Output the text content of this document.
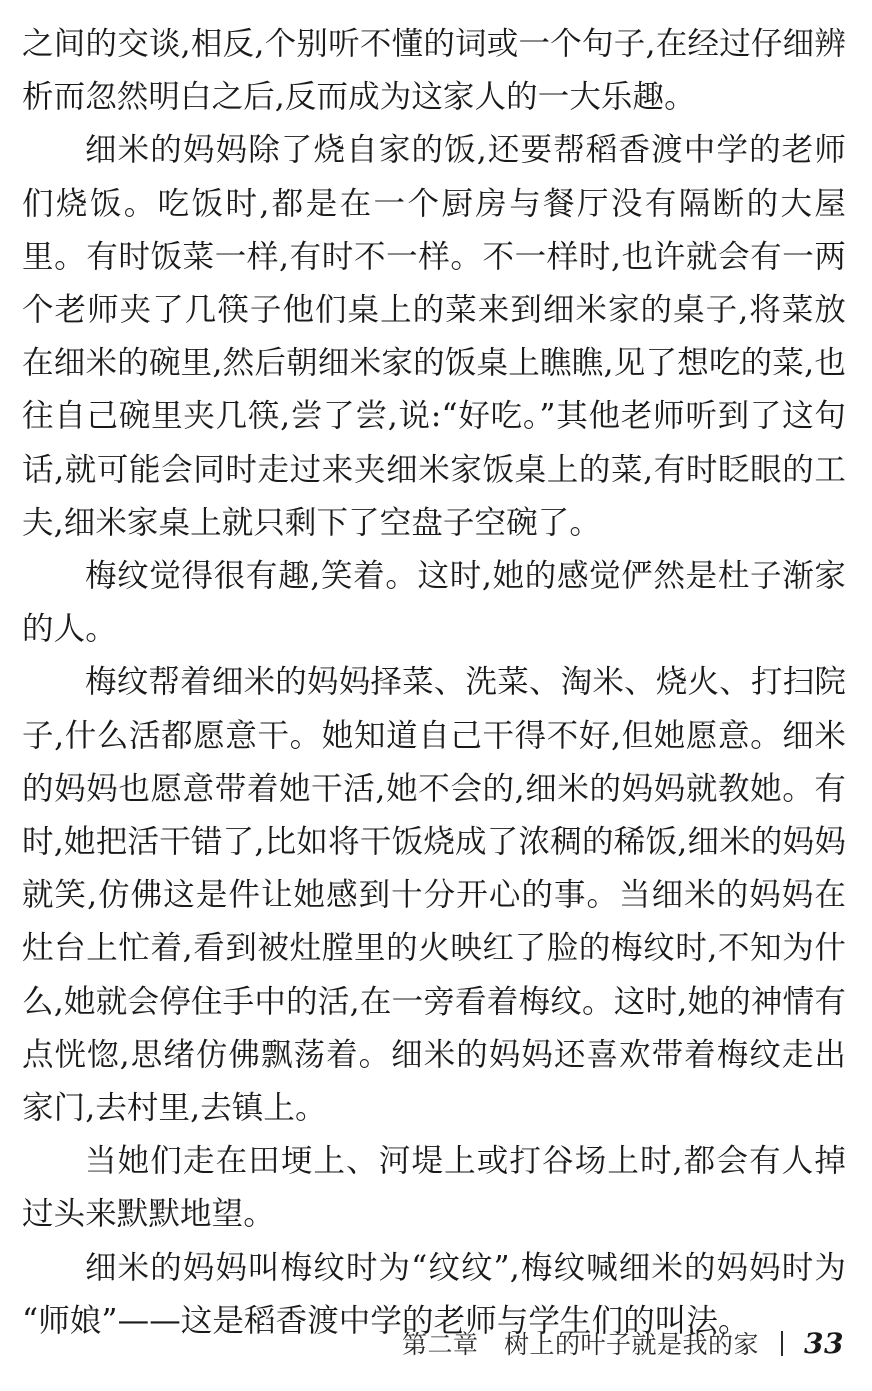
之间的交谈,相反,个别听不懂的词或一个句子,在经过仔细辨析而忽然明白之后,反而成为这家人的一大乐趣。

细米的妈妈除了烧自家的饭,还要帮稻香渡中学的老师们烧饭。吃饭时,都是在一个厨房与餐厅没有隔断的大屋里。有时饭菜一样,有时不一样。不一样时,也许就会有一两个老师夹了几筷子他们桌上的菜来到细米家的桌子,将菜放在细米的碗里,然后朝细米家的饭桌上瞧瞧,见了想吃的菜,也往自己碗里夹几筷,尝了尝,说:“好吃。”其他老师听到了这句话,就可能会同时走过来夹细米家饭桌上的菜,有时眨眼的工夫,细米家桌上就只剩下了空盘子空碗了。

梅纹觉得很有趣,笑着。这时,她的感觉俨然是杜子渐家的人。

梅纹帮着细米的妈妈择菜、洗菜、淘米、烧火、打扫院子,什么活都愿意干。她知道自己干得不好,但她愿意。细米的妈妈也愿意带着她干活,她不会的,细米的妈妈就教她。有时,她把活干错了,比如将干饭烧成了浓稠的稀饭,细米的妈妈就笑,仿佛这是件让她感到十分开心的事。当细米的妈妈在灶台上忙着,看到被灶膛里的火映红了脸的梅纹时,不知为什么,她就会停住手中的活,在一旁看着梅纹。这时,她的神情有点恍惚,思绪仿佛飘荡着。细米的妈妈还喜欢带着梅纹走出家门,去村里,去镇上。

当她们走在田埂上、河堤上或打谷场上时,都会有人掉过头来默默地望。

细米的妈妈叫梅纹时为“纹纹”,梅纹喊细米的妈妈时为“师娘”——这是稻香渡中学的老师与学生们的叫法。

第二章　树上的叶子就是我的家 33
